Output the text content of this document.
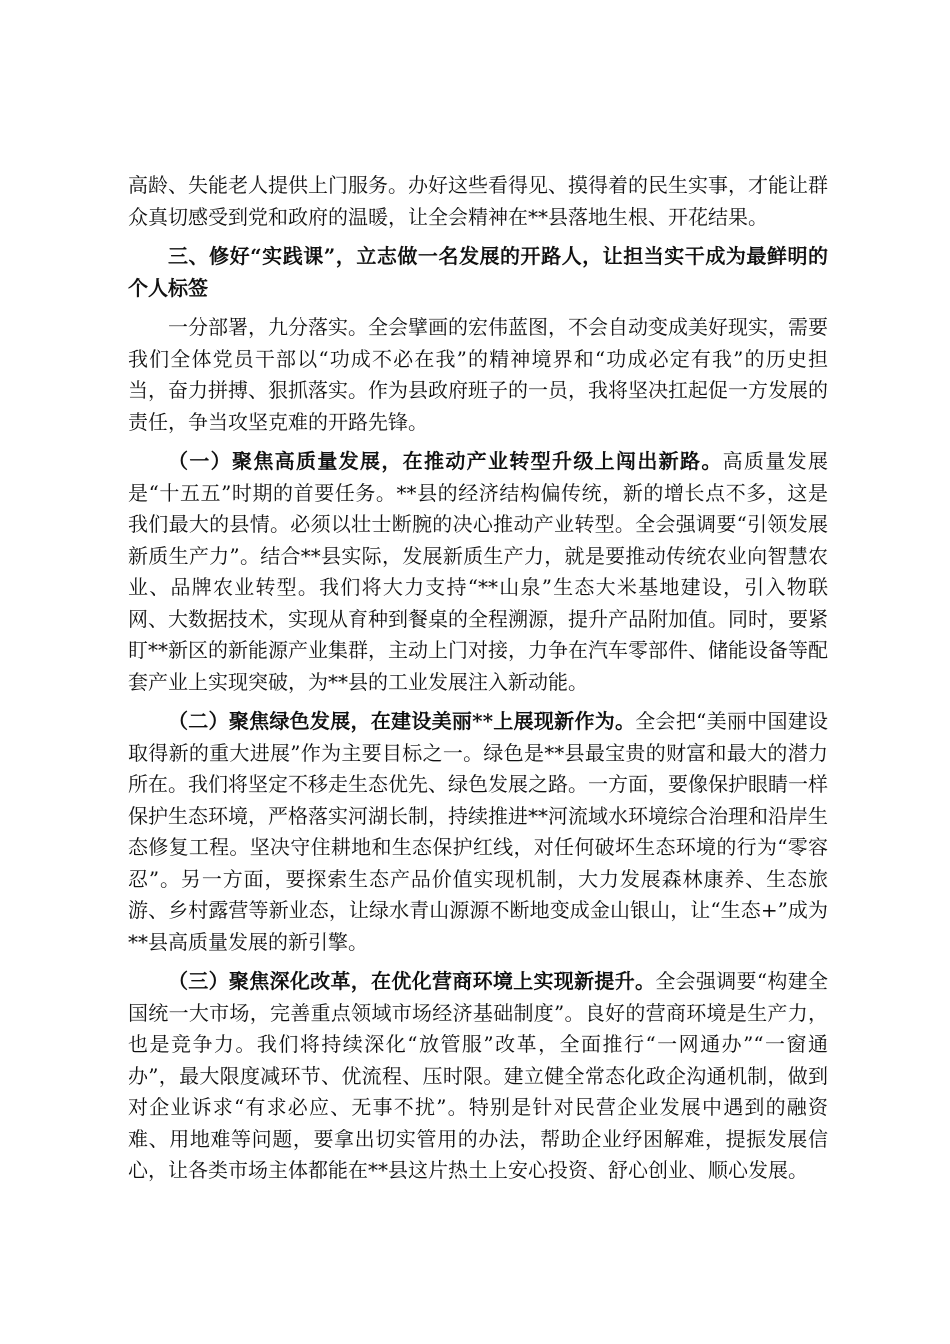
高龄、失能老人提供上门服务。办好这些看得见、摸得着的民生实事，才能让群众真切感受到党和政府的温暖，让全会精神在**县落地生根、开花结果。

三、修好“实践课”，立志做一名发展的开路人，让担当实干成为最鲜明的个人标签

一分部署，九分落实。全会擘画的宏伟蓝图，不会自动变成美好现实，需要我们全体党员干部以“功成不必在我”的精神境界和“功成必定有我”的历史担当，奋力拼搏、狠抓落实。作为县政府班子的一员，我将坚决扛起促一方发展的责任，争当攻坚克难的开路先锋。

（一）聚焦高质量发展，在推动产业转型升级上闯出新路。高质量发展是“十五五”时期的首要任务。**县的经济结构偏传统，新的增长点不多，这是我们最大的县情。必须以壮士断腕的决心推动产业转型。全会强调要“引领发展新质生产力”。结合**县实际，发展新质生产力，就是要推动传统农业向智慧农业、品牌农业转型。我们将大力支持“**山泉”生态大米基地建设，引入物联网、大数据技术，实现从育种到餐桌的全程溯源，提升产品附加值。同时，要紧盯**新区的新能源产业集群，主动上门对接，力争在汽车零部件、储能设备等配套产业上实现突破，为**县的工业发展注入新动能。

（二）聚焦绿色发展，在建设美丽**上展现新作为。全会把“美丽中国建设取得新的重大进展”作为主要目标之一。绿色是**县最宝贵的财富和最大的潜力所在。我们将坚定不移走生态优先、绿色发展之路。一方面，要像保护眼睛一样保护生态环境，严格落实河湖长制，持续推进**河流域水环境综合治理和沿岸生态修复工程。坚决守住耕地和生态保护红线，对任何破坏生态环境的行为“零容忍”。另一方面，要探索生态产品价值实现机制，大力发展森林康养、生态旅游、乡村露营等新业态，让绿水青山源源不断地变成金山银山，让“生态+”成为**县高质量发展的新引擎。

（三）聚焦深化改革，在优化营商环境上实现新提升。全会强调要“构建全国统一大市场，完善重点领域市场经济基础制度”。良好的营商环境是生产力，也是竞争力。我们将持续深化“放管服”改革，全面推行“一网通办”“一窗通办”，最大限度减环节、优流程、压时限。建立健全常态化政企沟通机制，做到对企业诉求“有求必应、无事不扰”。特别是针对民营企业发展中遇到的融资难、用地难等问题，要拿出切实管用的办法，帮助企业纾困解难，提振发展信心，让各类市场主体都能在**县这片热土上安心投资、舒心创业、顺心发展。
